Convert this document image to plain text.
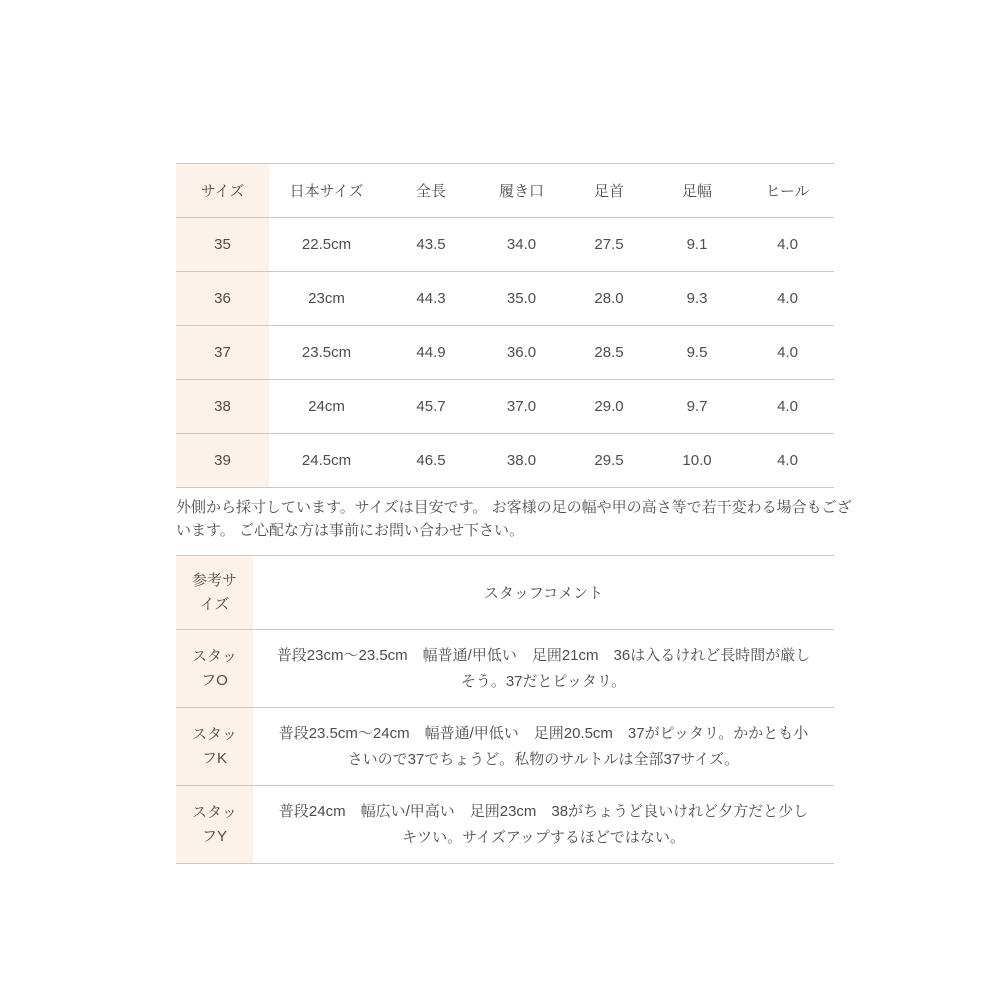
サイズ	日本サイズ	全長	履き口	足首	足幅	ヒール
35	22.5cm	43.5	34.0	27.5	9.1	4.0
36	23cm	44.3	35.0	28.0	9.3	4.0
37	23.5cm	44.9	36.0	28.5	9.5	4.0
38	24cm	45.7	37.0	29.0	9.7	4.0
39	24.5cm	46.5	38.0	29.5	10.0	4.0

外側から採寸しています。サイズは目安です。 お客様の足の幅や甲の高さ等で若干変わる場合もございます。 ご心配な方は事前にお問い合わせ下さい。

参考サイズ	スタッフコメント
スタッフO	普段23cm～23.5cm　幅普通/甲低い　足囲21cm　36は入るけれど長時間が厳しそう。37だとピッタリ。
スタッフK	普段23.5cm～24cm　幅普通/甲低い　足囲20.5cm　37がピッタリ。かかとも小さいので37でちょうど。私物のサルトルは全部37サイズ。
スタッフY	普段24cm　幅広い/甲高い　足囲23cm　38がちょうど良いけれど夕方だと少しキツい。サイズアップするほどではない。
